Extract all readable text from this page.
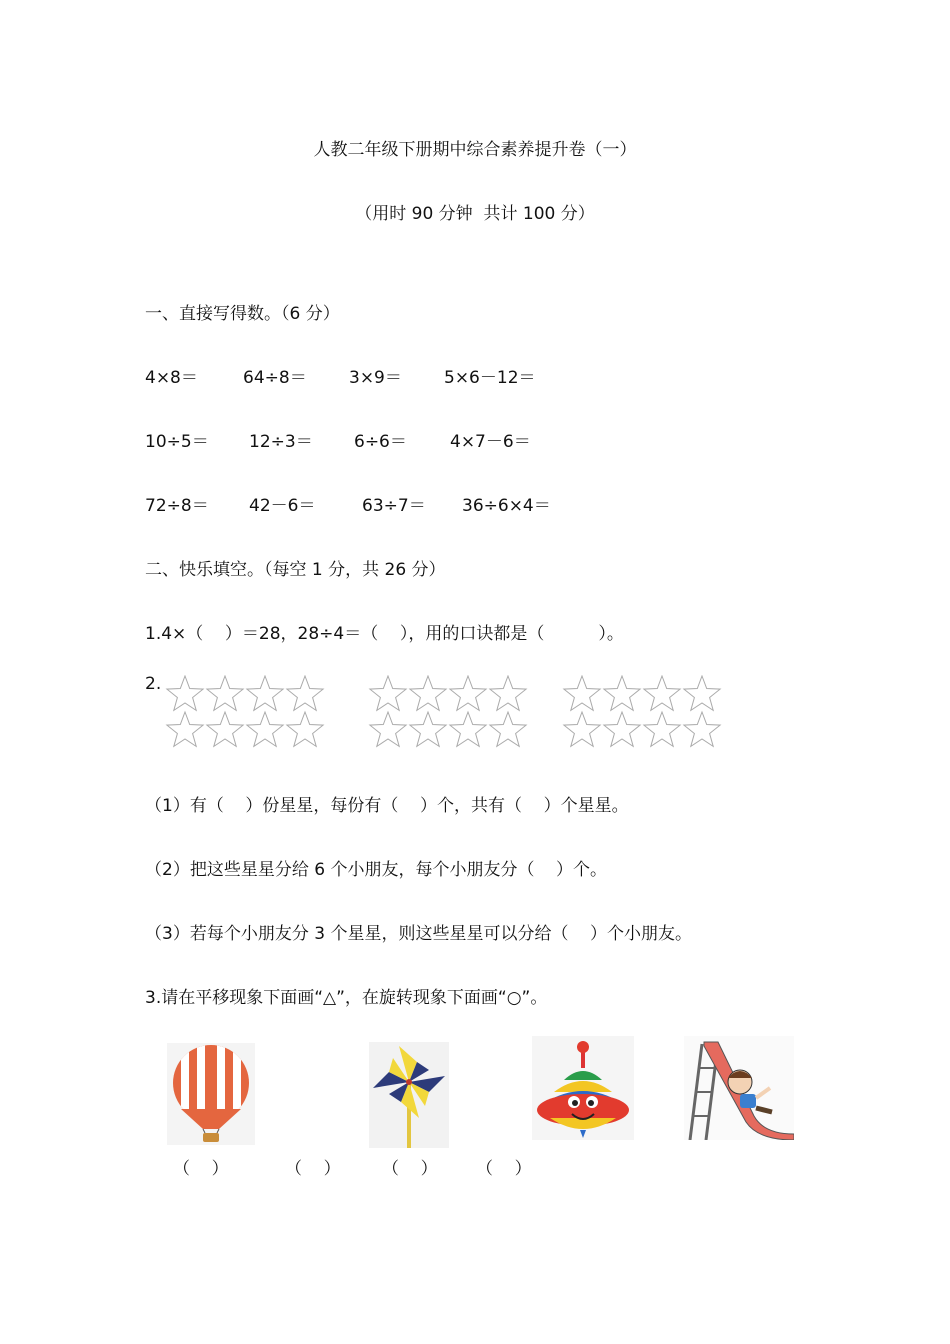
人教二年级下册期中综合素养提升卷（一）
（用时 90 分钟  共计 100 分）
一、直接写得数。（6 分）
4×8＝	64÷8＝ 3×9＝ 5×6－12＝
10÷5＝ 12÷3＝ 6÷6＝	4×7－6＝
72÷8＝ 42－6＝	63÷7＝ 36÷6×4＝
二、快乐填空。（每空 1 分，共 26 分）
1.4×（    ）＝28，28÷4＝（    ），用的口诀都是（          ）。
2.
（1）有（    ）份星星，每份有（    ）个，共有（    ）个星星。
（2）把这些星星分给 6 个小朋友，每个小朋友分（    ）个。
（3）若每个小朋友分 3 个星星，则这些星星可以分给（    ）个小朋友。
3.请在平移现象下面画“△”，在旋转现象下面画“○”。
（    ）	（    ） （    ） （    ）
